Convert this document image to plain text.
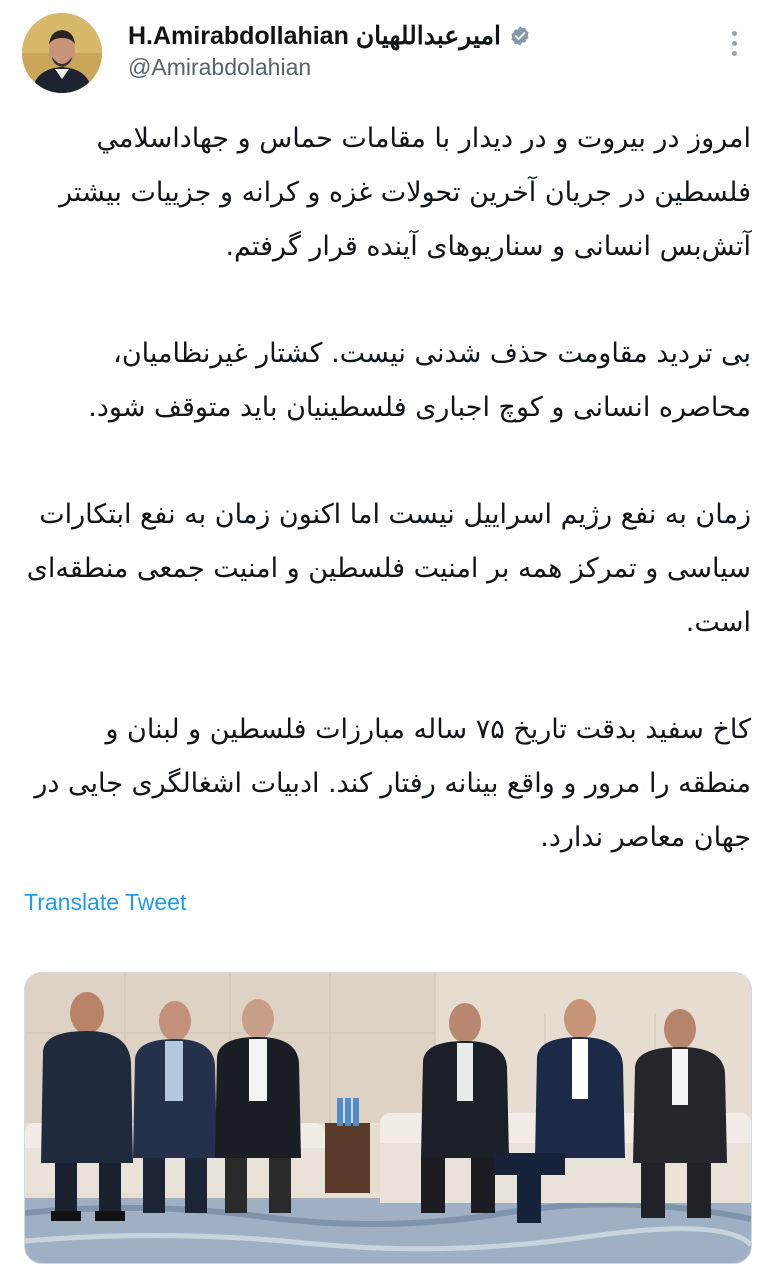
H.Amirabdollahian امیرعبداللهیان
@Amirabdolahian

امروز در بیروت و در دیدار با مقامات حماس و جهاداسلامي فلسطين در جریان آخرین تحولات غزه و کرانه و جزییات بیشتر آتش‌بس انسانی و سناریوهای آینده قرار گرفتم.

بی تردید مقاومت حذف شدنی نیست. کشتار غیرنظامیان، محاصره انسانی و کوچ اجباری فلسطینیان باید متوقف شود.

زمان به نفع رژیم اسراییل نیست اما اکنون زمان به نفع ابتکارات سیاسی و تمرکز همه بر امنیت فلسطین و امنیت جمعی منطقه‌ای است.

کاخ سفید بدقت تاریخ ۷۵ ساله مبارزات فلسطین و لبنان و منطقه را مرور و واقع بینانه رفتار کند. ادبیات اشغالگری جایی در جهان معاصر ندارد.

Translate Tweet
